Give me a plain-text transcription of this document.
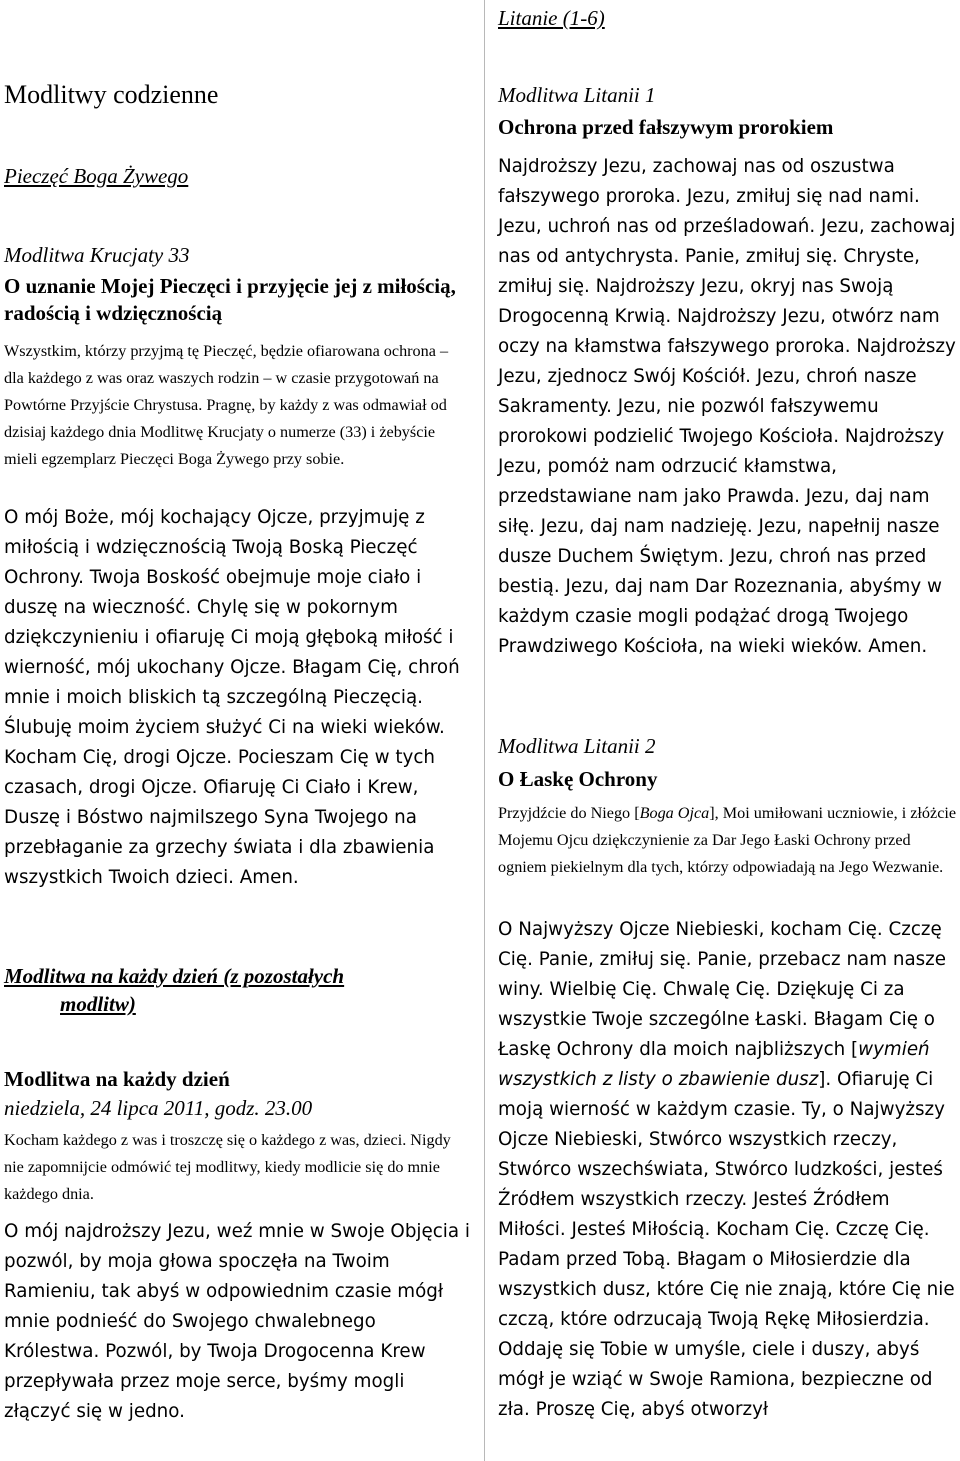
Modlitwy codzienne
Pieczęć Boga Żywego
Modlitwa Krucjaty 33
O uznanie Mojej Pieczęci i przyjęcie jej z miłością, radością i wdzięcznością

Wszystkim, którzy przyjmą tę Pieczęć, będzie ofiarowana ochrona – dla każdego z was oraz waszych rodzin – w czasie przygotowań na Powtórne Przyjście Chrystusa. Pragnę, by każdy z was odmawiał od dzisiaj każdego dnia Modlitwę Krucjaty o numerze (33) i żebyście mieli egzemplarz Pieczęci Boga Żywego przy sobie.

O mój Boże, mój kochający Ojcze, przyjmuję z miłością i wdzięcznością Twoją Boską Pieczęć Ochrony. Twoja Boskość obejmuje moje ciało i duszę na wieczność. Chylę się w pokornym dziękczynieniu i ofiaruję Ci moją głęboką miłość i wierność, mój ukochany Ojcze. Błagam Cię, chroń mnie i moich bliskich tą szczególną Pieczęcią. Ślubuję moim życiem służyć Ci na wieki wieków. Kocham Cię, drogi Ojcze. Pocieszam Cię w tych czasach, drogi Ojcze. Ofiaruję Ci Ciało i Krew, Duszę i Bóstwo najmilszego Syna Twojego na przebłaganie za grzechy świata i dla zbawienia wszystkich Twoich dzieci. Amen.

Modlitwa na każdy dzień (z pozostałych
modlitw)
Modlitwa na każdy dzień
niedziela, 24 lipca 2011, godz. 23.00

Kocham każdego z was i troszczę się o każdego z was, dzieci. Nigdy nie zapomnijcie odmówić tej modlitwy, kiedy modlicie się do mnie każdego dnia.

O mój najdroższy Jezu, weź mnie w Swoje Objęcia i pozwól, by moja głowa spoczęła na Twoim Ramieniu, tak abyś w odpowiednim czasie mógł mnie podnieść do Swojego chwalebnego Królestwa. Pozwól, by Twoja Drogocenna Krew przepływała przez moje serce, byśmy mogli złączyć się w jedno.

Litanie (1-6)
Modlitwa Litanii 1
Ochrona przed fałszywym prorokiem

Najdroższy Jezu, zachowaj nas od oszustwa fałszywego proroka. Jezu, zmiłuj się nad nami. Jezu, uchroń nas od prześladowań. Jezu, zachowaj nas od antychrysta. Panie, zmiłuj się. Chryste, zmiłuj się. Najdroższy Jezu, okryj nas Swoją Drogocenną Krwią. Najdroższy Jezu, otwórz nam oczy na kłamstwa fałszywego proroka. Najdroższy Jezu, zjednocz Swój Kościół. Jezu, chroń nasze Sakramenty. Jezu, nie pozwól fałszywemu prorokowi podzielić Twojego Kościoła. Najdroższy Jezu, pomóż nam odrzucić kłamstwa, przedstawiane nam jako Prawda. Jezu, daj nam siłę. Jezu, daj nam nadzieję. Jezu, napełnij nasze dusze Duchem Świętym. Jezu, chroń nas przed bestią. Jezu, daj nam Dar Rozeznania, abyśmy w każdym czasie mogli podążać drogą Twojego Prawdziwego Kościoła, na wieki wieków. Amen.

Modlitwa Litanii 2
O Łaskę Ochrony

Przyjdźcie do Niego [Boga Ojca], Moi umiłowani uczniowie, i złóżcie Mojemu Ojcu dziękczynienie za Dar Jego Łaski Ochrony przed ogniem piekielnym dla tych, którzy odpowiadają na Jego Wezwanie.

O Najwyższy Ojcze Niebieski, kocham Cię. Czczę Cię. Panie, zmiłuj się. Panie, przebacz nam nasze winy. Wielbię Cię. Chwalę Cię. Dziękuję Ci za wszystkie Twoje szczególne Łaski. Błagam Cię o Łaskę Ochrony dla moich najbliższych [wymień wszystkich z listy o zbawienie dusz]. Ofiaruję Ci moją wierność w każdym czasie. Ty, o Najwyższy Ojcze Niebieski, Stwórco wszystkich rzeczy, Stwórco wszechświata, Stwórco ludzkości, jesteś Źródłem wszystkich rzeczy. Jesteś Źródłem Miłości. Jesteś Miłością. Kocham Cię. Czczę Cię. Padam przed Tobą. Błagam o Miłosierdzie dla wszystkich dusz, które Cię nie znają, które Cię nie czczą, które odrzucają Twoją Rękę Miłosierdzia. Oddaję się Tobie w umyśle, ciele i duszy, abyś mógł je wziąć w Swoje Ramiona, bezpieczne od zła. Proszę Cię, abyś otworzył
